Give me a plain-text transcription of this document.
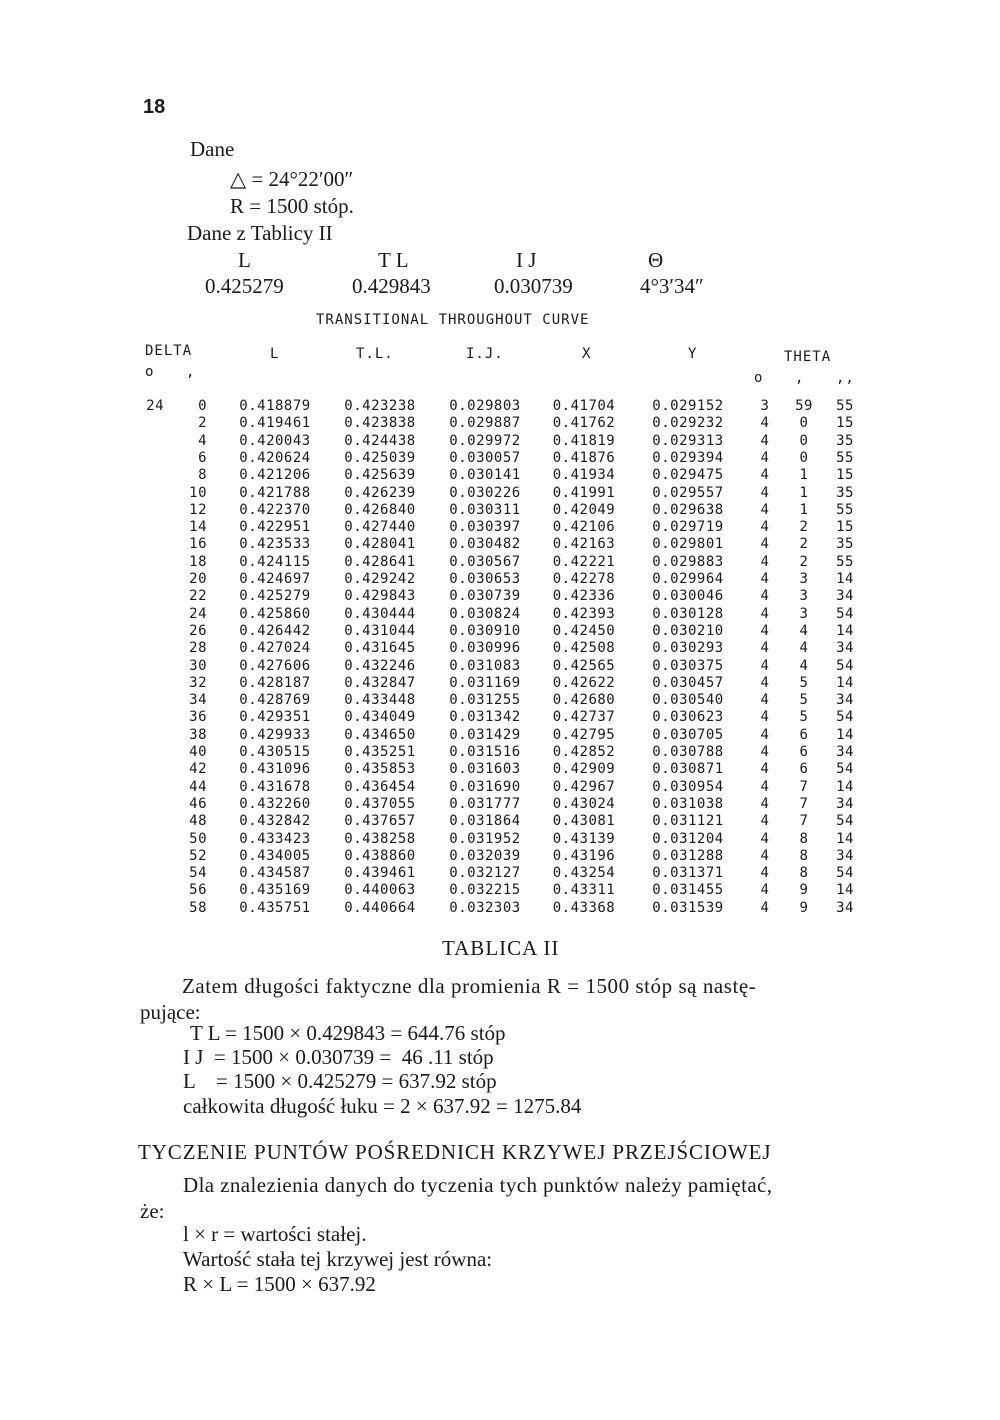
18
Dane
△ = 24°22′00″
R = 1500 stóp.
Dane z Tablicy II
L	T L	I J	Θ
0.425279	0.429843	0.030739	4°3′34″
TRANSITIONAL THROUGHOUT CURVE
DELTA	L	T.L.	I.J.	X	Y	THETA
o ,	o , ,,
24	0	0.418879	0.423238	0.029803	0.41704	0.029152	3	59	55
2	0.419461	0.423838	0.029887	0.41762	0.029232	4	0	15
4	0.420043	0.424438	0.029972	0.41819	0.029313	4	0	35
6	0.420624	0.425039	0.030057	0.41876	0.029394	4	0	55
8	0.421206	0.425639	0.030141	0.41934	0.029475	4	1	15
10	0.421788	0.426239	0.030226	0.41991	0.029557	4	1	35
12	0.422370	0.426840	0.030311	0.42049	0.029638	4	1	55
14	0.422951	0.427440	0.030397	0.42106	0.029719	4	2	15
16	0.423533	0.428041	0.030482	0.42163	0.029801	4	2	35
18	0.424115	0.428641	0.030567	0.42221	0.029883	4	2	55
20	0.424697	0.429242	0.030653	0.42278	0.029964	4	3	14
22	0.425279	0.429843	0.030739	0.42336	0.030046	4	3	34
24	0.425860	0.430444	0.030824	0.42393	0.030128	4	3	54
26	0.426442	0.431044	0.030910	0.42450	0.030210	4	4	14
28	0.427024	0.431645	0.030996	0.42508	0.030293	4	4	34
30	0.427606	0.432246	0.031083	0.42565	0.030375	4	4	54
32	0.428187	0.432847	0.031169	0.42622	0.030457	4	5	14
34	0.428769	0.433448	0.031255	0.42680	0.030540	4	5	34
36	0.429351	0.434049	0.031342	0.42737	0.030623	4	5	54
38	0.429933	0.434650	0.031429	0.42795	0.030705	4	6	14
40	0.430515	0.435251	0.031516	0.42852	0.030788	4	6	34
42	0.431096	0.435853	0.031603	0.42909	0.030871	4	6	54
44	0.431678	0.436454	0.031690	0.42967	0.030954	4	7	14
46	0.432260	0.437055	0.031777	0.43024	0.031038	4	7	34
48	0.432842	0.437657	0.031864	0.43081	0.031121	4	7	54
50	0.433423	0.438258	0.031952	0.43139	0.031204	4	8	14
52	0.434005	0.438860	0.032039	0.43196	0.031288	4	8	34
54	0.434587	0.439461	0.032127	0.43254	0.031371	4	8	54
56	0.435169	0.440063	0.032215	0.43311	0.031455	4	9	14
58	0.435751	0.440664	0.032303	0.43368	0.031539	4	9	34
TABLICA II
Zatem długości faktyczne dla promienia R = 1500 stóp są nastę-
pujące:
T L = 1500 × 0.429843 = 644.76 stóp
I J  = 1500 × 0.030739 =  46 .11 stóp
L    = 1500 × 0.425279 = 637.92 stóp
całkowita długość łuku = 2 × 637.92 = 1275.84
TYCZENIE PUNTÓW POŚREDNICH KRZYWEJ PRZEJŚCIOWEJ
Dla znalezienia danych do tyczenia tych punktów należy pamiętać,
że:
l × r = wartości stałej.
Wartość stała tej krzywej jest równa:
R × L = 1500 × 637.92
